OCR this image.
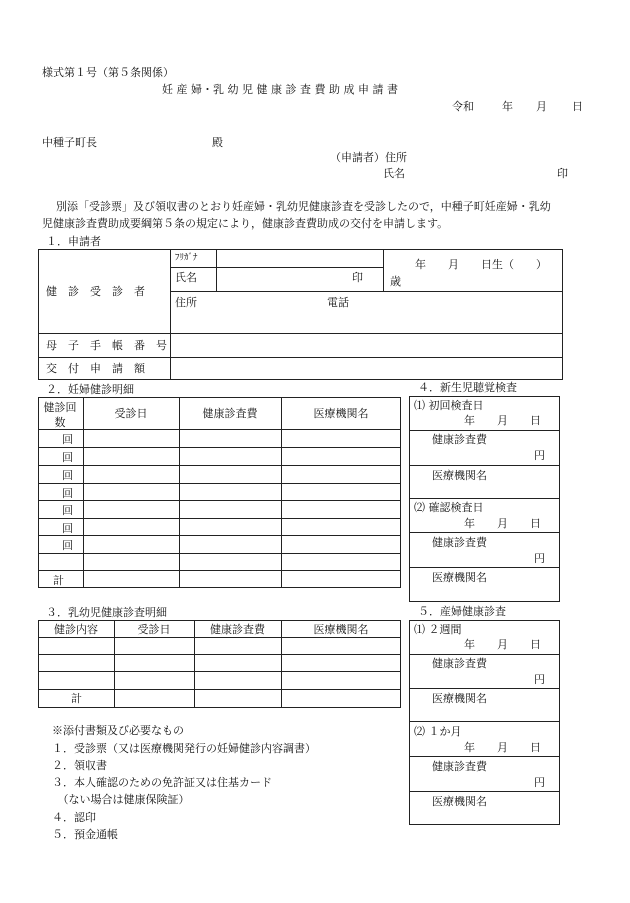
様式第１号（第５条関係）
妊 産 婦・乳 幼 児 健 康 診 査 費 助 成 申 請 書
令和	年 月 日
中種子町長	殿
（申請者）住所
氏名	印
別添「受診票」及び領収書のとおり妊産婦・乳幼児健康診査を受診したので，中種子町妊産婦・乳幼
児健康診査費助成要綱第５条の規定により，健康診査費助成の交付を申請します。
１．申請者
健　診　受　診　者
ﾌﾘｶﾞﾅ
氏名	印
年　　月　　日生（　　）
歳
住所	電話
母　子　手　帳　番　号
交　付　申　請　額
２．妊婦健診明細
健診回数
受診日	健康診査費	医療機関名
回
回
回
回
回
回
回
計
３．乳幼児健康診査明細
健診内容	受診日	健康診査費	医療機関名
計
４．新生児聴覚検査
⑴ 初回検査日
年　　月　　日
健康診査費
円
医療機関名
⑵ 確認検査日
年　　月　　日
健康診査費
円
医療機関名
５．産婦健康診査
⑴ ２週間
年　　月　　日
健康診査費
円
医療機関名
⑵ １か月
年　　月　　日
健康診査費
円
医療機関名
※添付書類及び必要なもの
１．受診票（又は医療機関発行の妊婦健診内容調書）
２．領収書
３．本人確認のための免許証又は住基カード
　（ない場合は健康保険証）
４．認印
５．預金通帳
